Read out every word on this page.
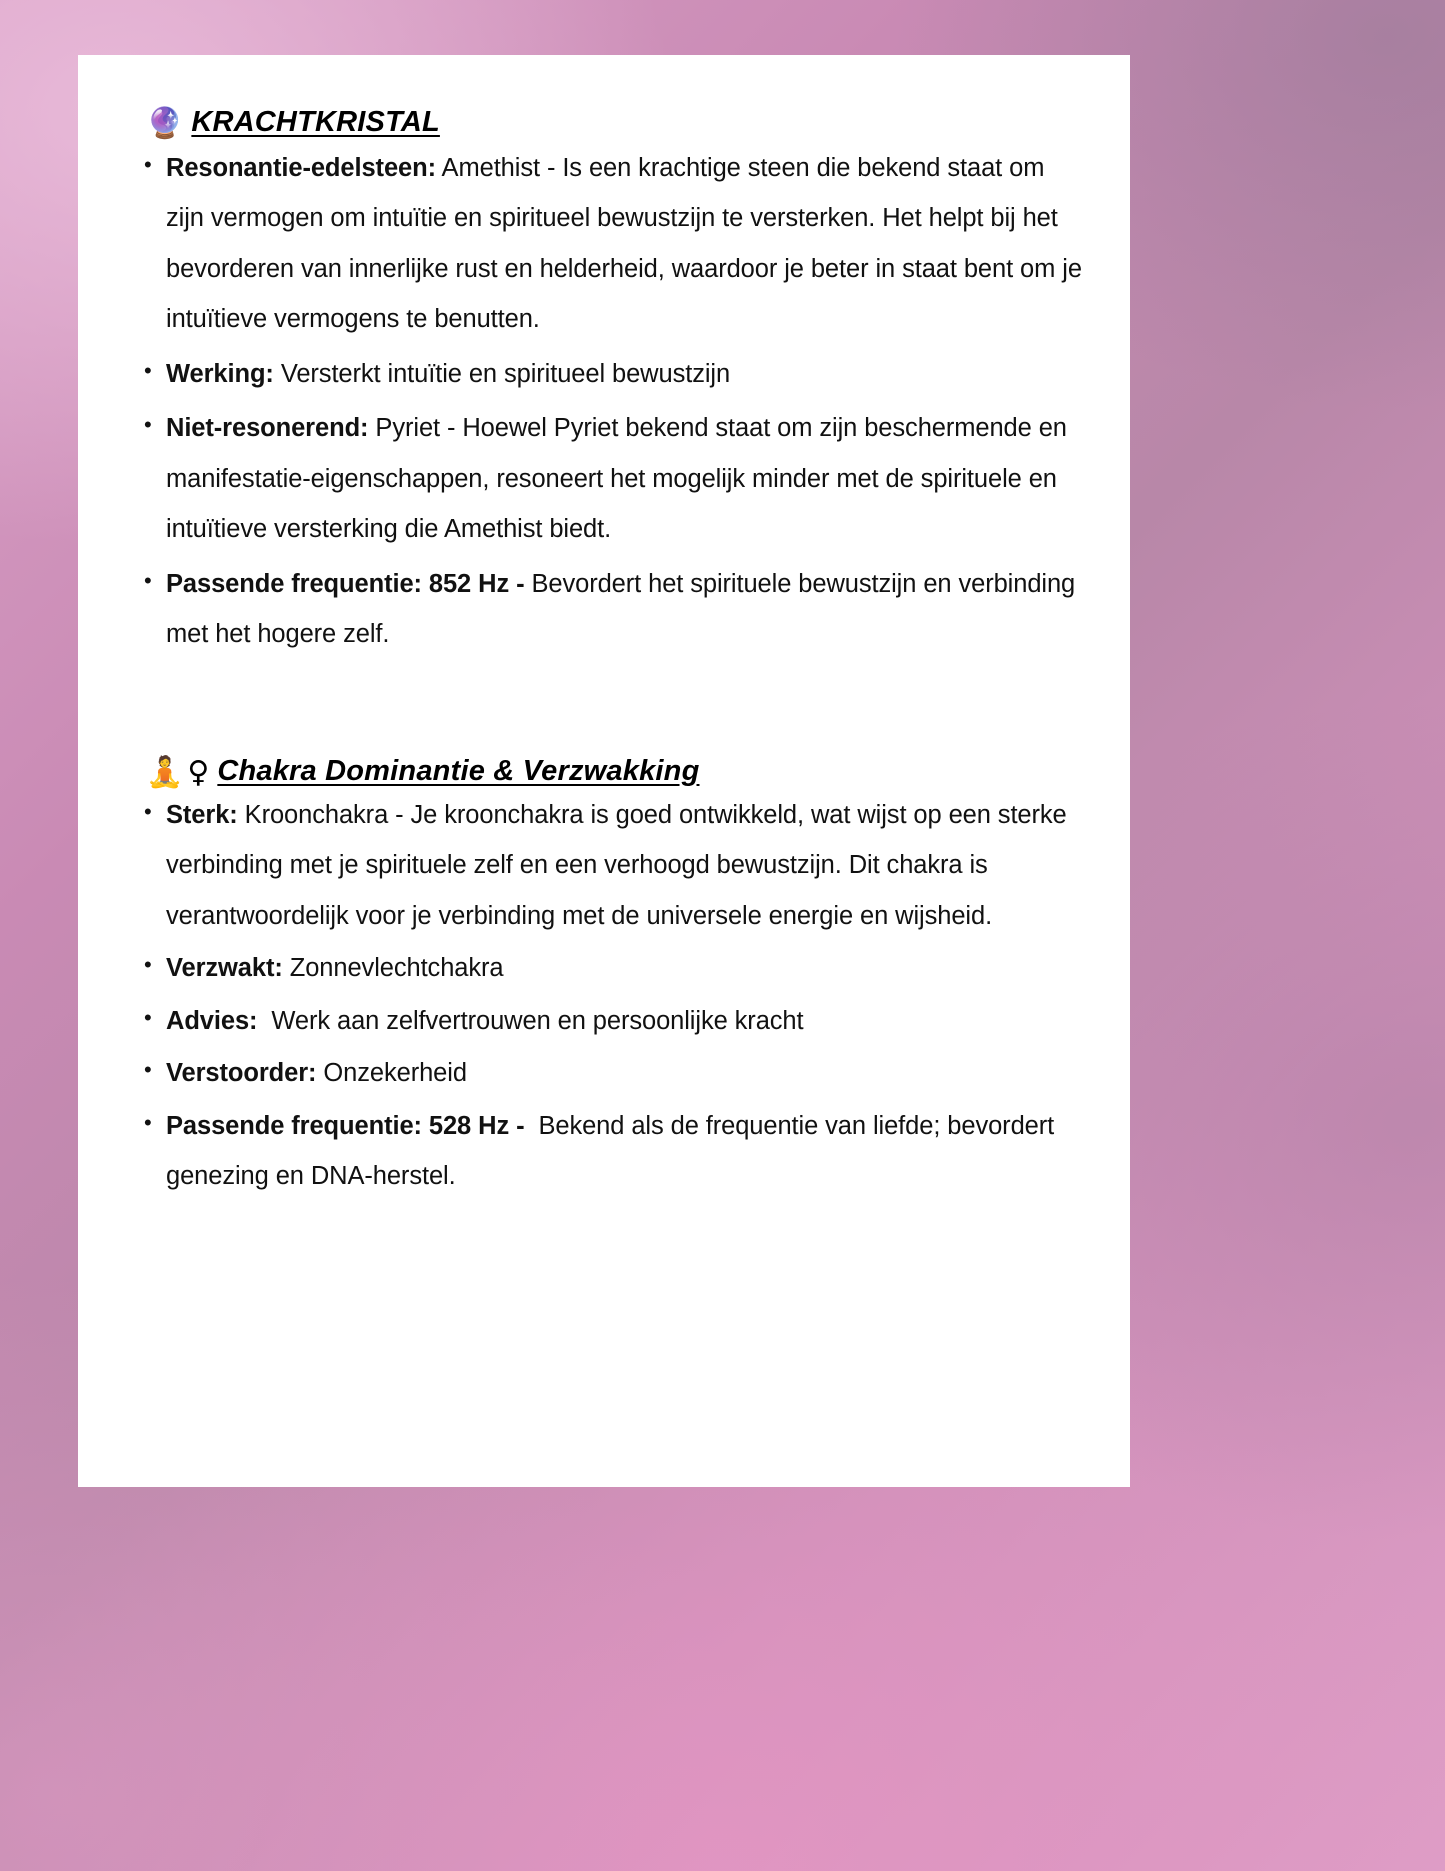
🔮 KRACHTKRISTAL
• Resonantie-edelsteen: Amethist - Is een krachtige steen die bekend staat om zijn vermogen om intuïtie en spiritueel bewustzijn te versterken. Het helpt bij het bevorderen van innerlijke rust en helderheid, waardoor je beter in staat bent om je intuïtieve vermogens te benutten.
• Werking: Versterkt intuïtie en spiritueel bewustzijn
• Niet-resonerend: Pyriet - Hoewel Pyriet bekend staat om zijn beschermende en manifestatie-eigenschappen, resoneert het mogelijk minder met de spirituele en intuïtieve versterking die Amethist biedt.
• Passende frequentie: 852 Hz - Bevordert het spirituele bewustzijn en verbinding met het hogere zelf.
🧘 ♀ Chakra Dominantie & Verzwakking
• Sterk: Kroonchakra - Je kroonchakra is goed ontwikkeld, wat wijst op een sterke verbinding met je spirituele zelf en een verhoogd bewustzijn. Dit chakra is verantwoordelijk voor je verbinding met de universele energie en wijsheid.
• Verzwakt: Zonnevlechtchakra
• Advies:  Werk aan zelfvertrouwen en persoonlijke kracht
• Verstoorder: Onzekerheid
• Passende frequentie: 528 Hz -  Bekend als de frequentie van liefde; bevordert genezing en DNA-herstel.
